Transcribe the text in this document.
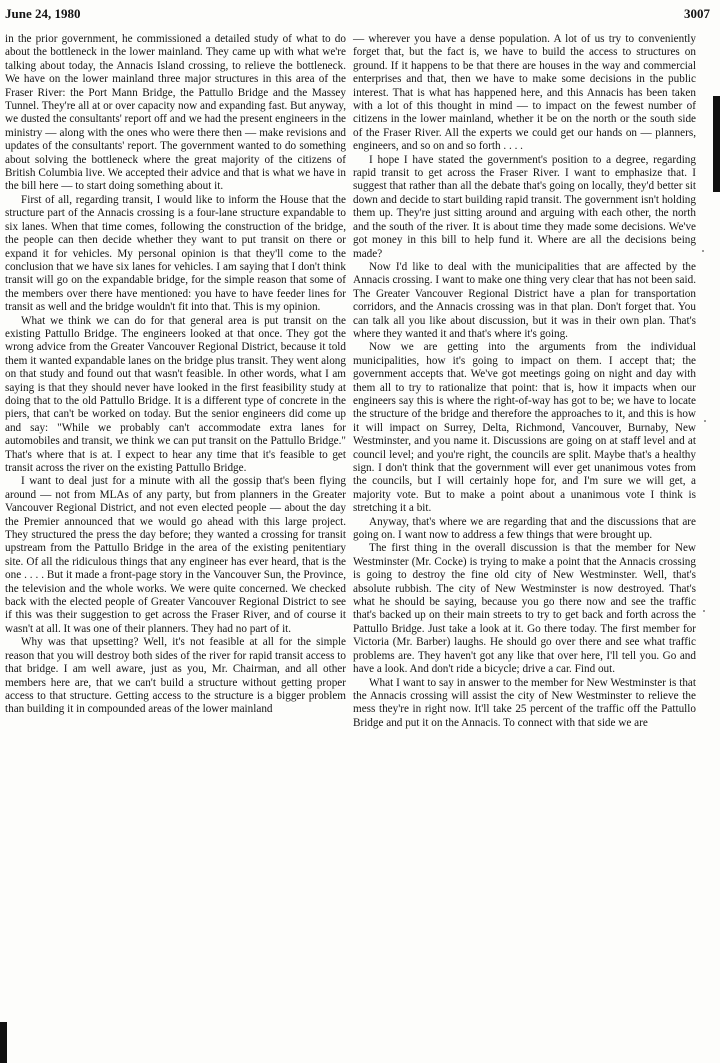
June 24, 1980	3007

in the prior government, he commissioned a detailed study of what to do about the bottleneck in the lower mainland. They came up with what we're talking about today, the Annacis Island crossing, to relieve the bottleneck. We have on the lower mainland three major structures in this area of the Fraser River: the Port Mann Bridge, the Pattullo Bridge and the Massey Tunnel. They're all at or over capacity now and expanding fast. But anyway, we dusted the consultants' report off and we had the present engineers in the ministry — along with the ones who were there then — make revisions and updates of the consultants' report. The government wanted to do something about solving the bottleneck where the great majority of the citizens of British Columbia live. We accepted their advice and that is what we have in the bill here — to start doing something about it.

First of all, regarding transit, I would like to inform the House that the structure part of the Annacis crossing is a four-lane structure expandable to six lanes. When that time comes, following the construction of the bridge, the people can then decide whether they want to put transit on there or expand it for vehicles. My personal opinion is that they'll come to the conclusion that we have six lanes for vehicles. I am saying that I don't think transit will go on the expandable bridge, for the simple reason that some of the members over there have mentioned: you have to have feeder lines for transit as well and the bridge wouldn't fit into that. This is my opinion.

What we think we can do for that general area is put transit on the existing Pattullo Bridge. The engineers looked at that once. They got the wrong advice from the Greater Vancouver Regional District, because it told them it wanted expandable lanes on the bridge plus transit. They went along on that study and found out that wasn't feasible. In other words, what I am saying is that they should never have looked in the first feasibility study at doing that to the old Pattullo Bridge. It is a different type of concrete in the piers, that can't be worked on today. But the senior engineers did come up and say: "While we probably can't accommodate extra lanes for automobiles and transit, we think we can put transit on the Pattullo Bridge." That's where that is at. I expect to hear any time that it's feasible to get transit across the river on the existing Pattullo Bridge.

I want to deal just for a minute with all the gossip that's been flying around — not from MLAs of any party, but from planners in the Greater Vancouver Regional District, and not even elected people — about the day the Premier announced that we would go ahead with this large project. They structured the press the day before; they wanted a crossing for transit upstream from the Pattullo Bridge in the area of the existing penitentiary site. Of all the ridiculous things that any engineer has ever heard, that is the one . . . . But it made a front-page story in the Vancouver Sun, the Province, the television and the whole works. We were quite concerned. We checked back with the elected people of Greater Vancouver Regional District to see if this was their suggestion to get across the Fraser River, and of course it wasn't at all. It was one of their planners. They had no part of it.

Why was that upsetting? Well, it's not feasible at all for the simple reason that you will destroy both sides of the river for rapid transit access to that bridge. I am well aware, just as you, Mr. Chairman, and all other members here are, that we can't build a structure without getting proper access to that structure. Getting access to the structure is a bigger problem than building it in compounded areas of the lower mainland

— wherever you have a dense population. A lot of us try to conveniently forget that, but the fact is, we have to build the access to structures on ground. If it happens to be that there are houses in the way and commercial enterprises and that, then we have to make some decisions in the public interest. That is what has happened here, and this Annacis has been taken with a lot of this thought in mind — to impact on the fewest number of citizens in the lower mainland, whether it be on the north or the south side of the Fraser River. All the experts we could get our hands on — planners, engineers, and so on and so forth . . . .

I hope I have stated the government's position to a degree, regarding rapid transit to get across the Fraser River. I want to emphasize that. I suggest that rather than all the debate that's going on locally, they'd better sit down and decide to start building rapid transit. The government isn't holding them up. They're just sitting around and arguing with each other, the north and the south of the river. It is about time they made some decisions. We've got money in this bill to help fund it. Where are all the decisions being made?

Now I'd like to deal with the municipalities that are affected by the Annacis crossing. I want to make one thing very clear that has not been said. The Greater Vancouver Regional District have a plan for transportation corridors, and the Annacis crossing was in that plan. Don't forget that. You can talk all you like about discussion, but it was in their own plan. That's where they wanted it and that's where it's going.

Now we are getting into the arguments from the individual municipalities, how it's going to impact on them. I accept that; the government accepts that. We've got meetings going on night and day with them all to try to rationalize that point: that is, how it impacts when our engineers say this is where the right-of-way has got to be; we have to locate the structure of the bridge and therefore the approaches to it, and this is how it will impact on Surrey, Delta, Richmond, Vancouver, Burnaby, New Westminster, and you name it. Discussions are going on at staff level and at council level; and you're right, the councils are split. Maybe that's a healthy sign. I don't think that the government will ever get unanimous votes from the councils, but I will certainly hope for, and I'm sure we will get, a majority vote. But to make a point about a unanimous vote I think is stretching it a bit.

Anyway, that's where we are regarding that and the discussions that are going on. I want now to address a few things that were brought up.

The first thing in the overall discussion is that the member for New Westminster (Mr. Cocke) is trying to make a point that the Annacis crossing is going to destroy the fine old city of New Westminster. Well, that's absolute rubbish. The city of New Westminster is now destroyed. That's what he should be saying, because you go there now and see the traffic that's backed up on their main streets to try to get back and forth across the Pattullo Bridge. Just take a look at it. Go there today. The first member for Victoria (Mr. Barber) laughs. He should go over there and see what traffic problems are. They haven't got any like that over here, I'll tell you. Go and have a look. And don't ride a bicycle; drive a car. Find out.

What I want to say in answer to the member for New Westminster is that the Annacis crossing will assist the city of New Westminster to relieve the mess they're in right now. It'll take 25 percent of the traffic off the Pattullo Bridge and put it on the Annacis. To connect with that side we are
